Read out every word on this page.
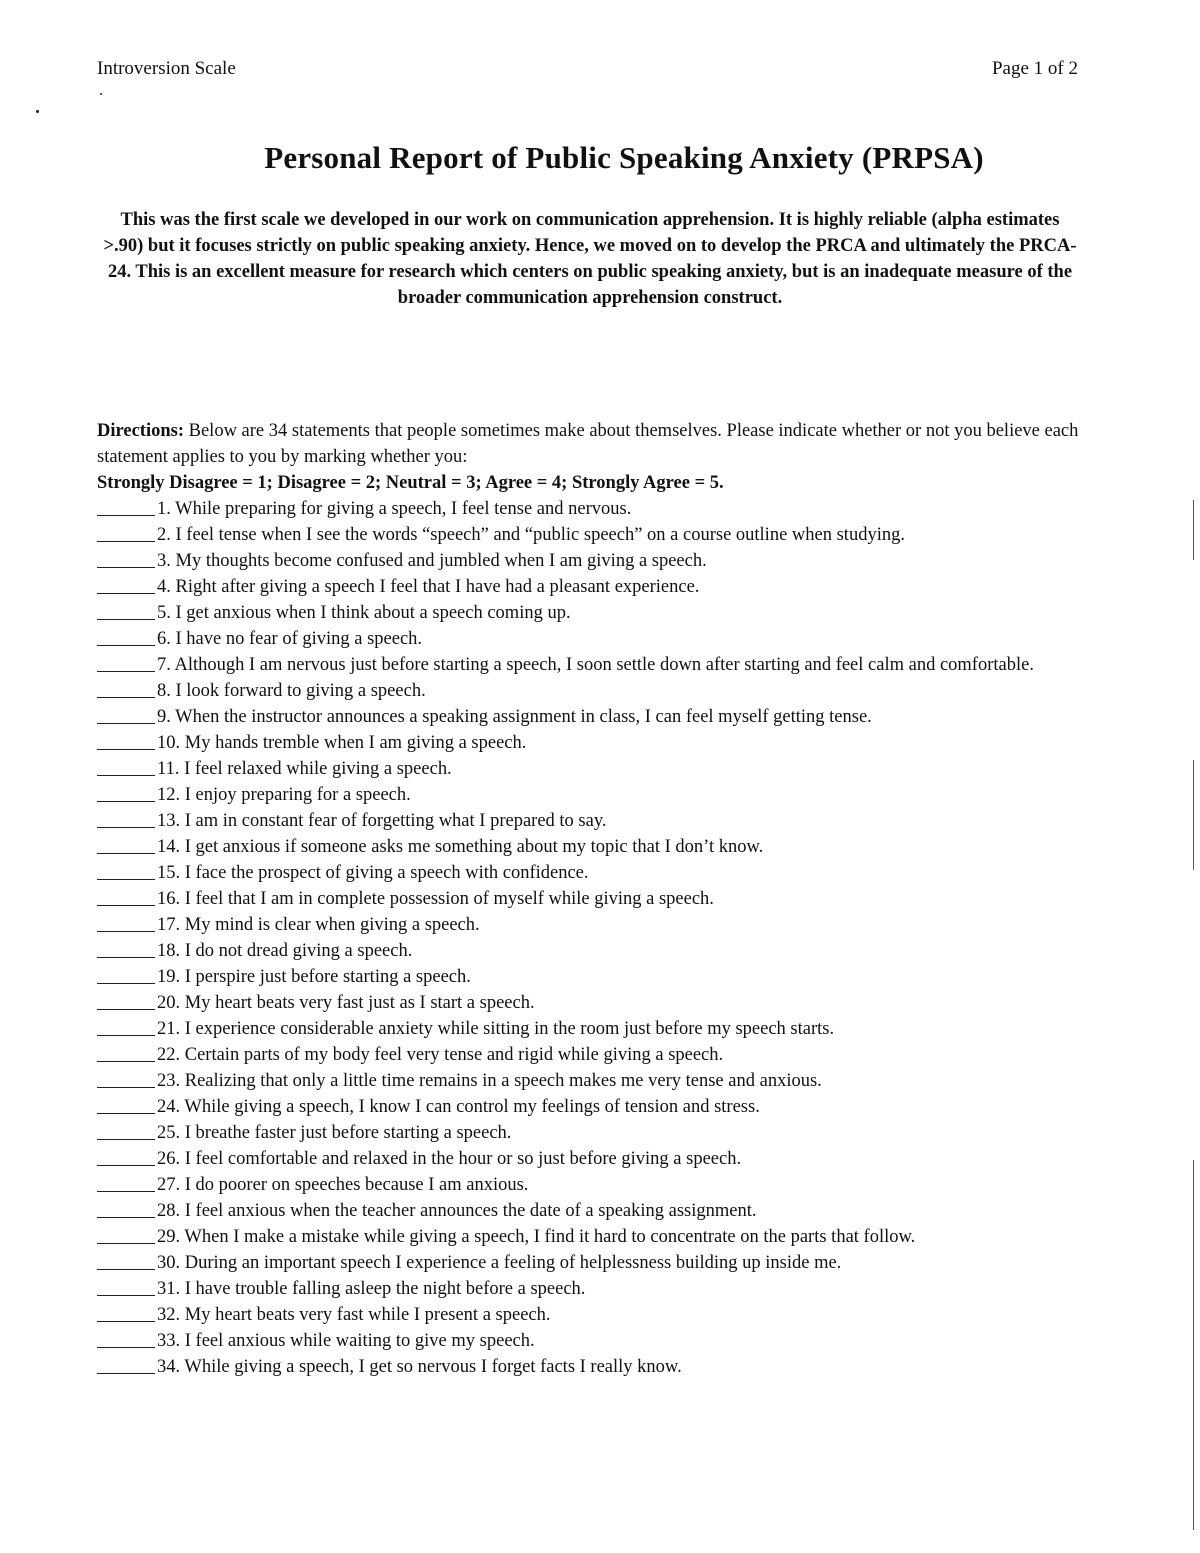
Introversion Scale	Page 1 of 2
Personal Report of Public Speaking Anxiety (PRPSA)
This was the first scale we developed in our work on communication apprehension. It is highly reliable (alpha estimates >.90) but it focuses strictly on public speaking anxiety. Hence, we moved on to develop the PRCA and ultimately the PRCA-24. This is an excellent measure for research which centers on public speaking anxiety, but is an inadequate measure of the broader communication apprehension construct.
Directions: Below are 34 statements that people sometimes make about themselves. Please indicate whether or not you believe each statement applies to you by marking whether you:
Strongly Disagree = 1; Disagree = 2; Neutral = 3; Agree = 4; Strongly Agree = 5.
1. While preparing for giving a speech, I feel tense and nervous.
2. I feel tense when I see the words “speech” and “public speech” on a course outline when studying.
3. My thoughts become confused and jumbled when I am giving a speech.
4. Right after giving a speech I feel that I have had a pleasant experience.
5. I get anxious when I think about a speech coming up.
6. I have no fear of giving a speech.
7. Although I am nervous just before starting a speech, I soon settle down after starting and feel calm and comfortable.
8. I look forward to giving a speech.
9. When the instructor announces a speaking assignment in class, I can feel myself getting tense.
10. My hands tremble when I am giving a speech.
11. I feel relaxed while giving a speech.
12. I enjoy preparing for a speech.
13. I am in constant fear of forgetting what I prepared to say.
14. I get anxious if someone asks me something about my topic that I don’t know.
15. I face the prospect of giving a speech with confidence.
16. I feel that I am in complete possession of myself while giving a speech.
17. My mind is clear when giving a speech.
18. I do not dread giving a speech.
19. I perspire just before starting a speech.
20. My heart beats very fast just as I start a speech.
21. I experience considerable anxiety while sitting in the room just before my speech starts.
22. Certain parts of my body feel very tense and rigid while giving a speech.
23. Realizing that only a little time remains in a speech makes me very tense and anxious.
24. While giving a speech, I know I can control my feelings of tension and stress.
25. I breathe faster just before starting a speech.
26. I feel comfortable and relaxed in the hour or so just before giving a speech.
27. I do poorer on speeches because I am anxious.
28. I feel anxious when the teacher announces the date of a speaking assignment.
29. When I make a mistake while giving a speech, I find it hard to concentrate on the parts that follow.
30. During an important speech I experience a feeling of helplessness building up inside me.
31. I have trouble falling asleep the night before a speech.
32. My heart beats very fast while I present a speech.
33. I feel anxious while waiting to give my speech.
34. While giving a speech, I get so nervous I forget facts I really know.
